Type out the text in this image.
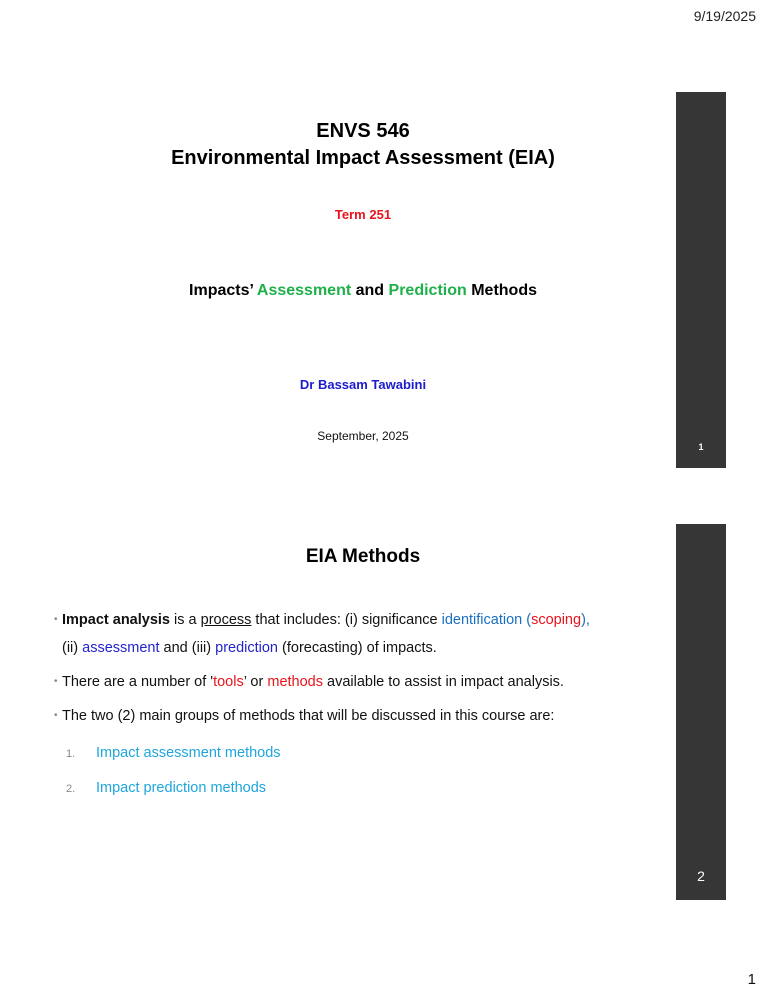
9/19/2025
ENVS 546
Environmental Impact Assessment (EIA)
Term 251
Impacts’ Assessment and Prediction Methods
Dr Bassam Tawabini
September, 2025
1
EIA Methods
• Impact analysis is a process that includes: (i) significance identification (scoping),
(ii) assessment and (iii) prediction (forecasting) of impacts.
• There are a number of 'tools’ or methods available to assist in impact analysis.
• The two (2) main groups of methods that will be discussed in this course are:
1. Impact assessment methods
2. Impact prediction methods
2
1
